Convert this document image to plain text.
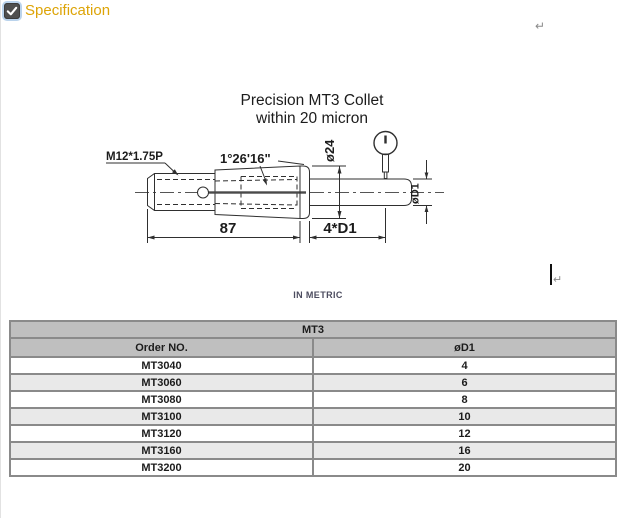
Specification
↵
Precision MT3 Collet
within 20 micron
ø24
øD1
87	4*D1
M12*1.75P	1°26'16"
↵
IN METRIC
MT3	
Order NO.	øD1
MT3040	4
MT3060	6
MT3080	8
MT3100	10
MT3120	12
MT3160	16
MT3200	20
